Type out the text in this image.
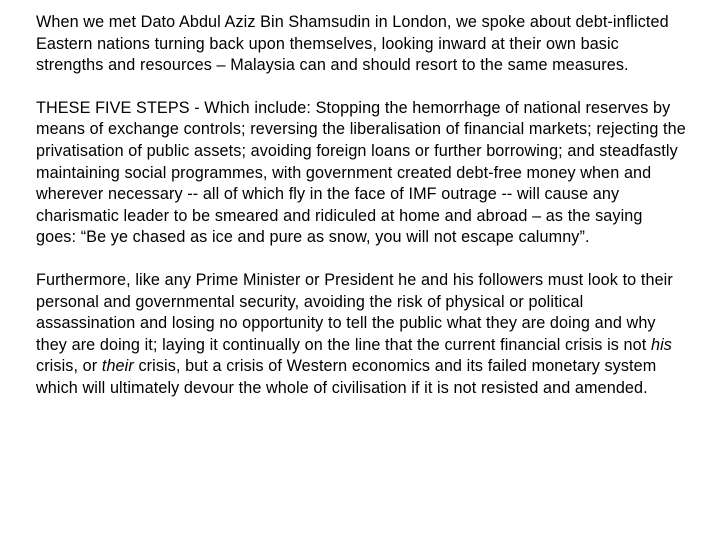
When we met Dato Abdul Aziz Bin Shamsudin in London, we spoke about debt-inflicted Eastern nations turning back upon themselves, looking inward at their own basic strengths and resources – Malaysia can and should resort to the same measures.

THESE FIVE STEPS - Which include: Stopping the hemorrhage of national reserves by means of exchange controls; reversing the liberalisation of financial markets; rejecting the privatisation of public assets; avoiding foreign loans or further borrowing; and steadfastly maintaining social programmes, with government created debt-free money when and wherever necessary -- all of which fly in the face of IMF outrage -- will cause any charismatic leader to be smeared and ridiculed at home and abroad – as the saying goes: “Be ye chased as ice and pure as snow, you will not escape calumny”.

Furthermore, like any Prime Minister or President he and his followers must look to their personal and governmental security, avoiding the risk of physical or political assassination and losing no opportunity to tell the public what they are doing and why they are doing it; laying it continually on the line that the current financial crisis is not his crisis, or their crisis, but a crisis of Western economics and its failed monetary system which will ultimately devour the whole of civilisation if it is not resisted and amended.
